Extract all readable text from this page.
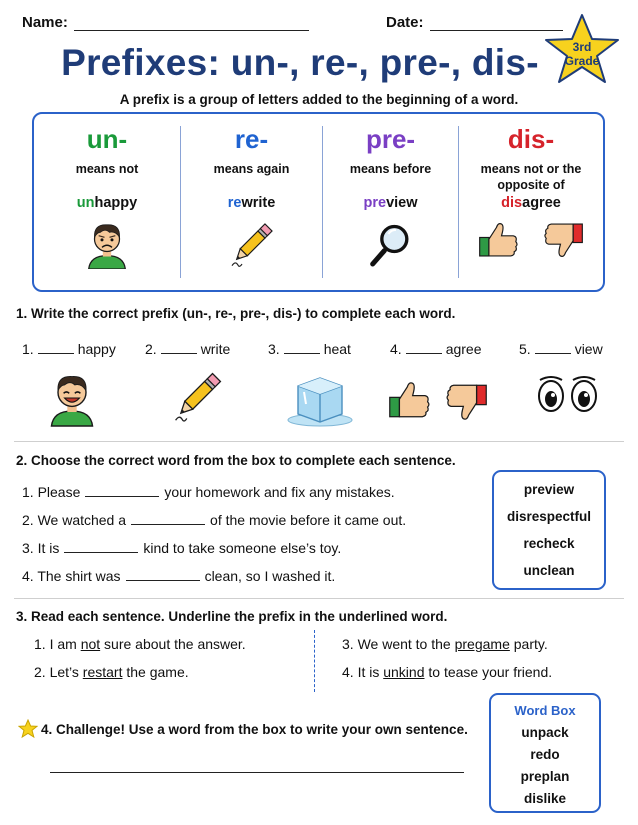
Name:	Date:
Prefixes: un-, re-, pre-, dis-	3rd
Grade
A prefix is a group of letters added to the beginning of a word.
un-
means not
unhappy
re-
means again
rewrite
pre-
means before
preview
dis-
means not or the opposite of
disagree
1. Write the correct prefix (un-, re-, pre-, dis-) to complete each word.
1.	happy 2.	write	3.	heat	4.	agree	5.	view
2. Choose the correct word from the box to complete each sentence.
1. Please	your homework and fix any mistakes.
2. We watched a	of the movie before it came out.
3. It is	kind to take someone else’s toy.
4. The shirt was	clean, so I washed it.
preview
disrespectful
recheck
unclean
3. Read each sentence. Underline the prefix in the underlined word.
1. I am not sure about the answer.
2. Let’s restart the game.
3. We went to the pregame party.
4. It is unkind to tease your friend.
4. Challenge! Use a word from the box to write your own sentence.
Word Box
unpack
redo
preplan
dislike
